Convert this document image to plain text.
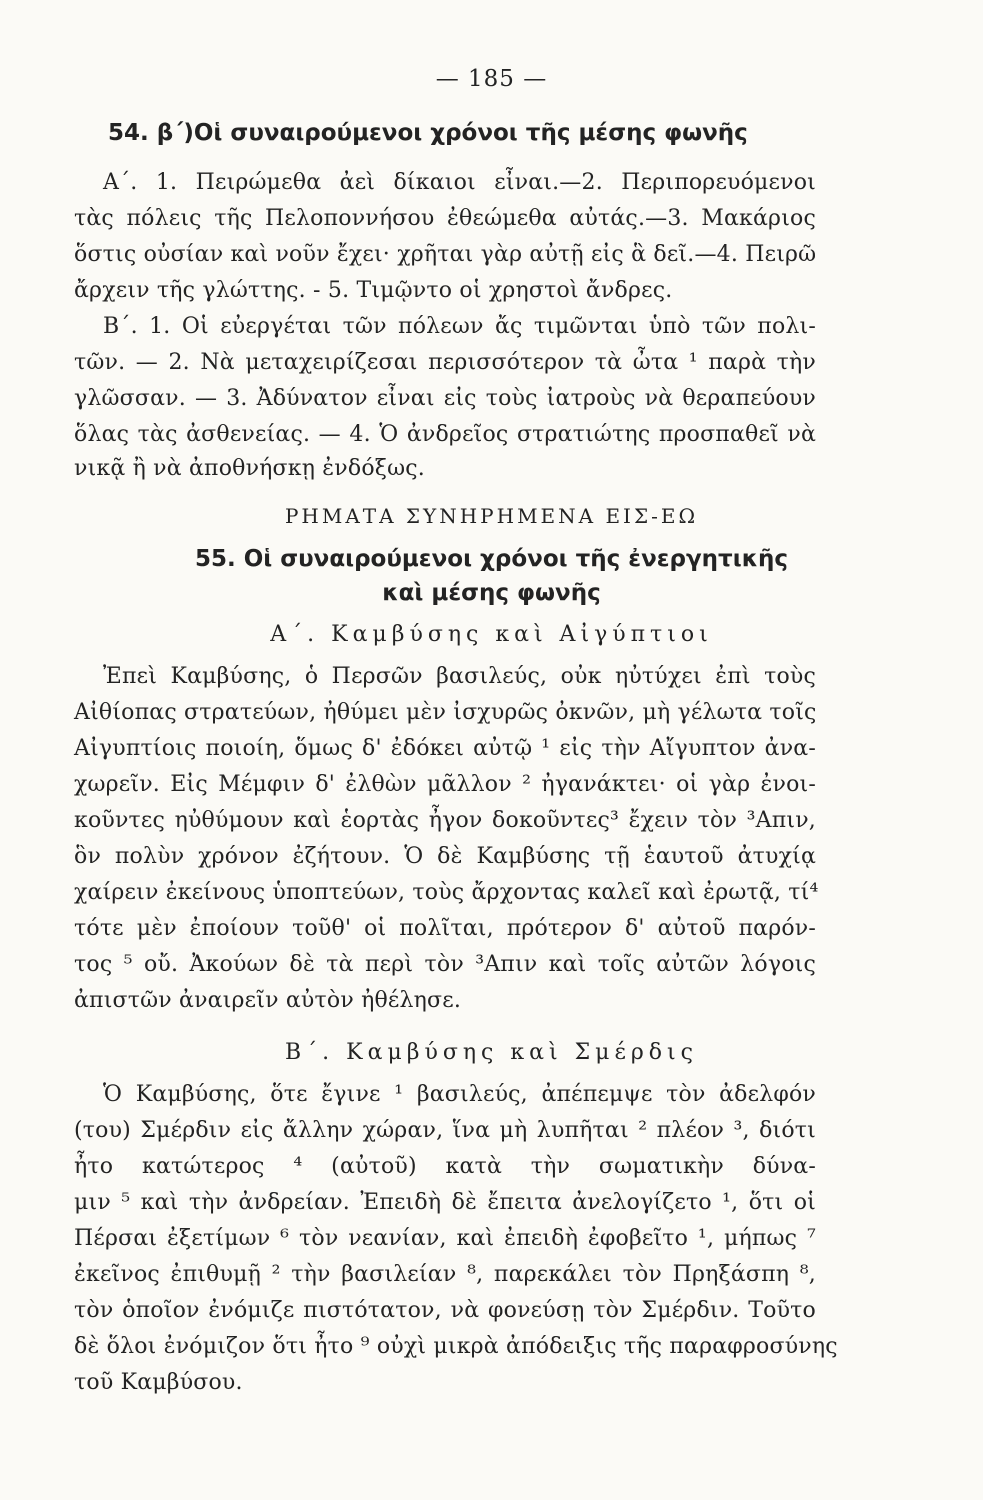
— 185 —
54. β΄)Οἱ συναιρούμενοι χρόνοι τῆς μέσης φωνῆς
Α΄. 1. Πειρώμεθα ἀεὶ δίκαιοι εἶναι.—2. Περιπορευόμενοι
τὰς πόλεις τῆς Πελοποννήσου ἐθεώμεθα αὐτάς.—3. Μακάριος
ὅστις οὐσίαν καὶ νοῦν ἔχει· χρῆται γὰρ αὐτῇ εἰς ἃ δεῖ.—4. Πειρῶ
ἄρχειν τῆς γλώττης. - 5. Τιμῷντο οἱ χρηστοὶ ἄνδρες.
Β΄. 1. Οἱ εὐεργέται τῶν πόλεων ἄς τιμῶνται ὑπὸ τῶν πολι-
τῶν. — 2. Νὰ μεταχειρίζεσαι περισσότερον τὰ ὦτα ¹ παρὰ τὴν
γλῶσσαν. — 3. Ἀδύνατον εἶναι εἰς τοὺς ἰατροὺς νὰ θεραπεύουν
ὅλας τὰς ἀσθενείας. — 4. Ὁ ἀνδρεῖος στρατιώτης προσπαθεῖ νὰ
νικᾷ ἢ νὰ ἀποθνήσκῃ ἐνδόξως.
ΡΗΜΑΤΑ ΣΥΝΗΡΗΜΕΝΑ ΕΙΣ-ΕΩ
55. Οἱ συναιρούμενοι χρόνοι τῆς ἐνεργητικῆς
καὶ μέσης φωνῆς
Α΄. Καμβύσης καὶ Αἰγύπτιοι
Ἐπεὶ Καμβύσης, ὁ Περσῶν βασιλεύς, οὐκ ηὐτύχει ἐπὶ τοὺς
Αἰθίοπας στρατεύων, ἠθύμει μὲν ἰσχυρῶς ὀκνῶν, μὴ γέλωτα τοῖς
Αἰγυπτίοις ποιοίη, ὅμως δ' ἐδόκει αὐτῷ ¹ εἰς τὴν Αἴγυπτον ἀνα-
χωρεῖν. Εἰς Μέμφιν δ' ἐλθὼν μᾶλλον ² ἠγανάκτει· οἱ γὰρ ἐνοι-
κοῦντες ηὐθύμουν καὶ ἑορτὰς ἦγον δοκοῦντες³ ἔχειν τὸν ³Απιν,
ὃν πολὺν χρόνον ἐζήτουν. Ὁ δὲ Καμβύσης τῇ ἑαυτοῦ ἀτυχίᾳ
χαίρειν ἐκείνους ὑποπτεύων, τοὺς ἄρχοντας καλεῖ καὶ ἐρωτᾷ, τί⁴
τότε μὲν ἐποίουν τοῦθ' οἱ πολῖται, πρότερον δ' αὐτοῦ παρόν-
τος ⁵ οὔ. Ἀκούων δὲ τὰ περὶ τὸν ³Απιν καὶ τοῖς αὐτῶν λόγοις
ἀπιστῶν ἀναιρεῖν αὐτὸν ἠθέλησε.
Β΄. Καμβύσης καὶ Σμέρδις
Ὁ Καμβύσης, ὅτε ἔγινε ¹ βασιλεύς, ἀπέπεμψε τὸν ἀδελφόν
(του) Σμέρδιν εἰς ἄλλην χώραν, ἵνα μὴ λυπῆται ² πλέον ³, διότι
ἦτο κατώτερος ⁴ (αὐτοῦ) κατὰ τὴν σωματικὴν δύνα-
μιν ⁵ καὶ τὴν ἀνδρείαν. Ἐπειδὴ δὲ ἔπειτα ἀνελογίζετο ¹, ὅτι οἱ
Πέρσαι ἐξετίμων ⁶ τὸν νεανίαν, καὶ ἐπειδὴ ἐφοβεῖτο ¹, μήπως ⁷
ἐκεῖνος ἐπιθυμῇ ² τὴν βασιλείαν ⁸, παρεκάλει τὸν Πρηξάσπη ⁸,
τὸν ὁποῖον ἐνόμιζε πιστότατον, νὰ φονεύσῃ τὸν Σμέρδιν. Τοῦτο
δὲ ὅλοι ἐνόμιζον ὅτι ἦτο ⁹ οὐχὶ μικρὰ ἀπόδειξις τῆς παραφροσύνης
τοῦ Καμβύσου.
